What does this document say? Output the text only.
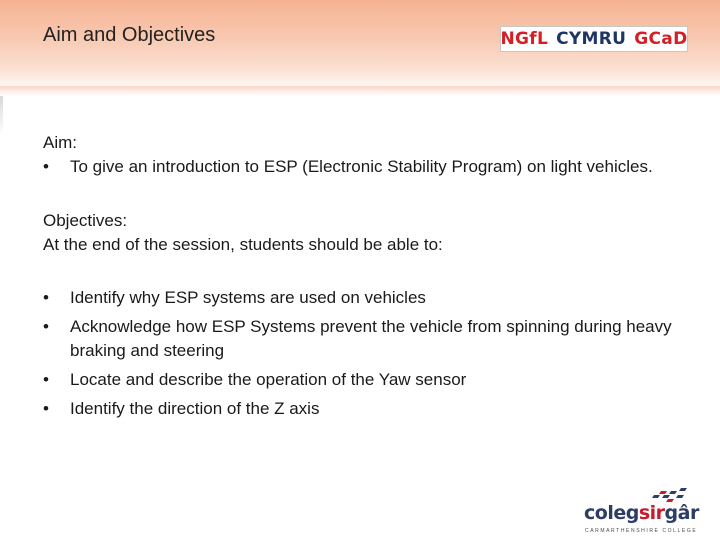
Aim and Objectives	NGfL CYMRU GCaD

Aim:

• To give an introduction to ESP (Electronic Stability Program) on light vehicles.

Objectives:

At the end of the session, students should be able to:

• Identify why ESP systems are used on vehicles
• Acknowledge how ESP Systems prevent the vehicle from spinning during heavy braking and steering
• Locate and describe the operation of the Yaw sensor
• Identify the direction of the Z axis
colegsirgâr
CARMARTHENSHIRE COLLEGE
